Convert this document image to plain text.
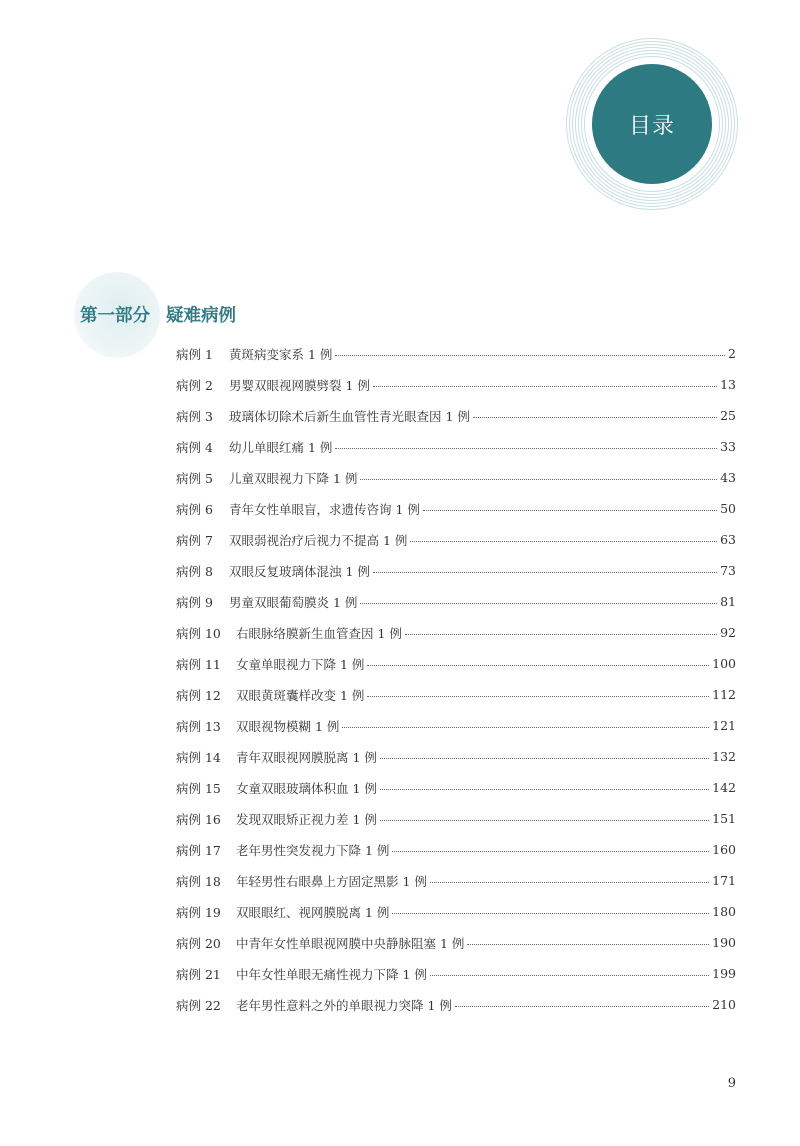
目录
第一部分 疑难病例
病例 1	黄斑病变家系 1 例	2
病例 2	男婴双眼视网膜劈裂 1 例	13
病例 3	玻璃体切除术后新生血管性青光眼查因 1 例	25
病例 4	幼儿单眼红痛 1 例	33
病例 5	儿童双眼视力下降 1 例	43
病例 6	青年女性单眼盲，求遗传咨询 1 例	50
病例 7	双眼弱视治疗后视力不提高 1 例	63
病例 8	双眼反复玻璃体混浊 1 例	73
病例 9	男童双眼葡萄膜炎 1 例	81
病例 10	右眼脉络膜新生血管查因 1 例	92
病例 11	女童单眼视力下降 1 例	100
病例 12	双眼黄斑囊样改变 1 例	112
病例 13	双眼视物模糊 1 例	121
病例 14	青年双眼视网膜脱离 1 例	132
病例 15	女童双眼玻璃体积血 1 例	142
病例 16	发现双眼矫正视力差 1 例	151
病例 17	老年男性突发视力下降 1 例	160
病例 18	年轻男性右眼鼻上方固定黑影 1 例	171
病例 19	双眼眼红、视网膜脱离 1 例	180
病例 20	中青年女性单眼视网膜中央静脉阻塞 1 例	190
病例 21	中年女性单眼无痛性视力下降 1 例	199
病例 22	老年男性意料之外的单眼视力突降 1 例	210
9
